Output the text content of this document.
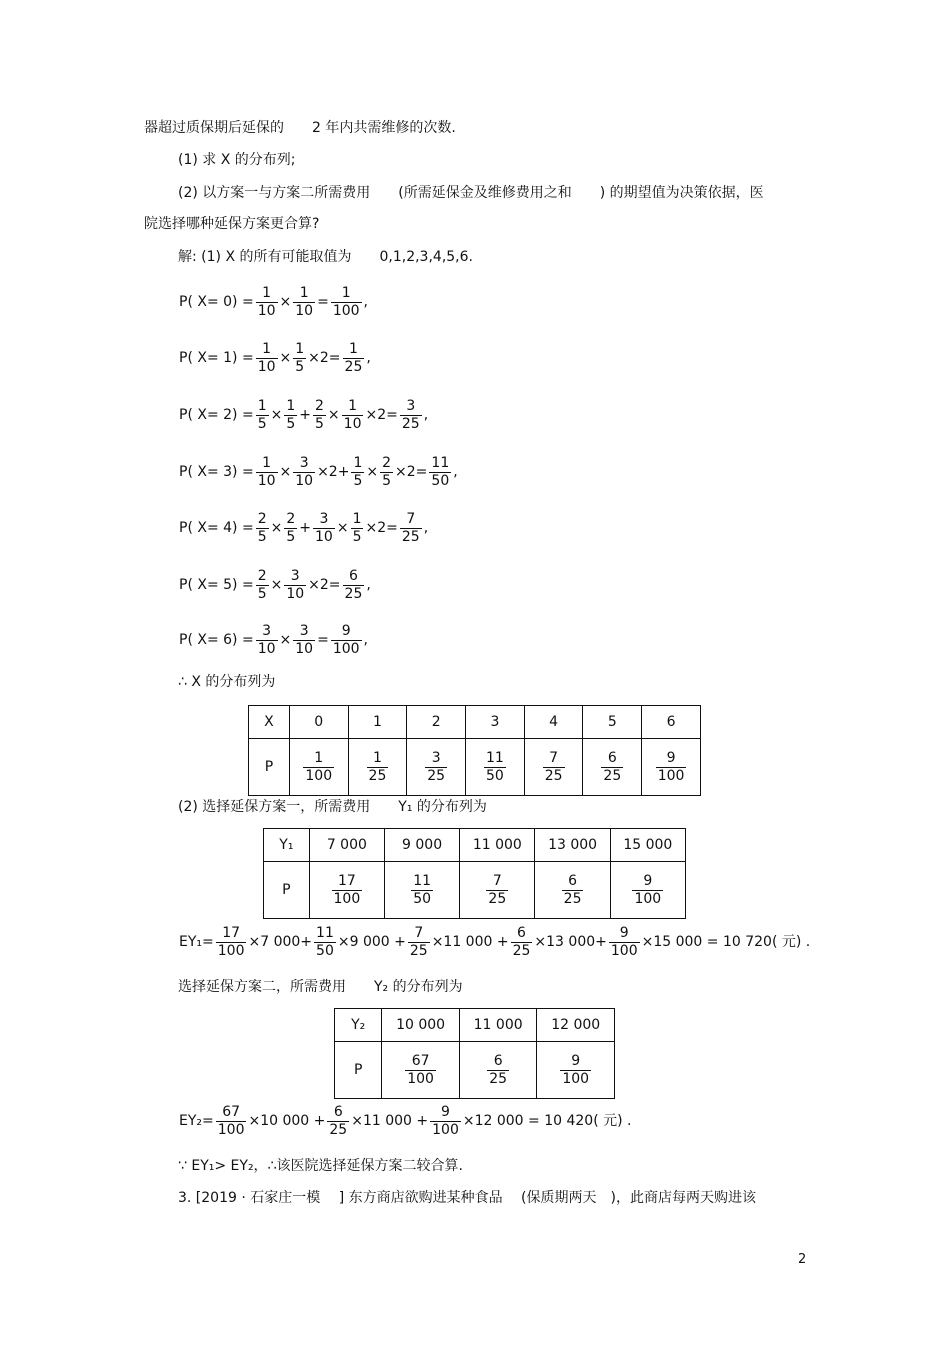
器超过质保期后延保的　　2 年内共需维修的次数.
(1) 求 X 的分布列;
(2) 以方案一与方案二所需费用　　(所需延保金及维修费用之和　　) 的期望值为决策依据，医
院选择哪种延保方案更合算?
解: (1) X 的所有可能取值为　　0,1,2,3,4,5,6.
P( $X= 0) = \frac{1}{10} \times \frac{1}{10} = \frac{1}{100}$ ,
P( $X= 1) = \frac{1}{10} \times \frac{1}{5} \times 2= \frac{1}{25}$ ,
P( $X= 2) = \frac{1}{5} \times \frac{1}{5} + \frac{2}{5} \times \frac{1}{10} \times 2= \frac{3}{25}$ ,
P( $X= 3) = \frac{1}{10} \times \frac{3}{10} \times 2+ \frac{1}{5} \times \frac{2}{5} \times 2= \frac{11}{50}$ ,
P( $X= 4) = \frac{2}{5} \times \frac{2}{5} + \frac{3}{10} \times \frac{1}{5} \times 2= \frac{7}{25}$ ,
P( $X= 5) = \frac{2}{5} \times \frac{3}{10} \times 2= \frac{6}{25}$ ,
P( $X= 6) = \frac{3}{10} \times \frac{3}{10} = \frac{9}{100}$ ,
∴ X 的分布列为
X	0	1	2	3	4	5	6
P	$\frac{1}{100}$	$\frac{1}{25}$	$\frac{3}{25}$	$\frac{11}{50}$	$\frac{7}{25}$	$\frac{6}{25}$	$\frac{9}{100}$
(2) 选择延保方案一，所需费用　　Y₁ 的分布列为
Y₁	7 000	9 000	11 000	13 000	15 000
P	$\frac{17}{100}$	$\frac{11}{50}$	$\frac{7}{25}$	$\frac{6}{25}$	$\frac{9}{100}$
$EY_1= \frac{17}{100} \times 7$ $000+ \frac{11}{50} \times 9$ $000 + \frac{7}{25} \times 11$ $000 + \frac{6}{25} \times 13$ $000+ \frac{9}{100} \times 15$ 000 = 10 720( 元) .
选择延保方案二，所需费用　　Y₂ 的分布列为
Y₂	10 000	11 000	12 000
P	$\frac{67}{100}$	$\frac{6}{25}$	$\frac{9}{100}$
$EY_2= \frac{67}{100} \times 10$ $000 + \frac{6}{25} \times 11$ $000 + \frac{9}{100} \times 12$ 000 = 10 420( 元) .
∵ EY₁> EY₂，∴该医院选择延保方案二较合算.
3. [2019 · 石家庄一模　 ] 东方商店欲购进某种食品　 (保质期两天　)，此商店每两天购进该
2
